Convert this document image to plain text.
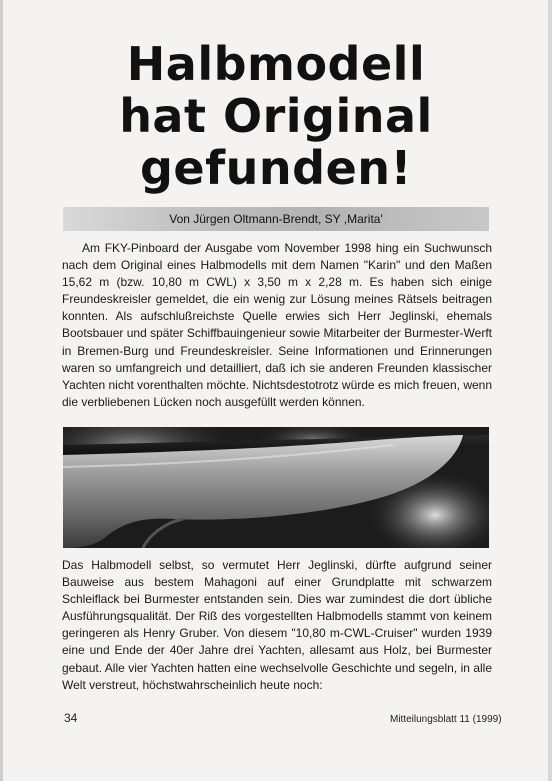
Halbmodell
hat Original
gefunden!
Von Jürgen Oltmann-Brendt, SY ,Marita'

Am FKY-Pinboard der Ausgabe vom November 1998 hing ein Suchwunsch nach dem Original eines Halbmodells mit dem Namen "Karin" und den Maßen 15,62 m (bzw. 10,80 m CWL) x 3,50 m x 2,28 m. Es haben sich einige Freundeskreisler gemeldet, die ein wenig zur Lösung meines Rätsels beitragen konnten. Als aufschlußreichste Quelle erwies sich Herr Jeglinski, ehemals Bootsbauer und später Schiffbauingenieur sowie Mitarbeiter der Burmester-Werft in Bremen-Burg und Freundeskreisler. Seine Informationen und Erinnerungen waren so umfangreich und detailliert, daß ich sie anderen Freunden klassischer Yachten nicht vorenthalten möchte. Nichtsdestotrotz würde es mich freuen, wenn die verbliebenen Lücken noch ausgefüllt werden können.

Das Halbmodell selbst, so vermutet Herr Jeglinski, dürfte aufgrund seiner Bauweise aus bestem Mahagoni auf einer Grundplatte mit schwarzem Schleiflack bei Burmester entstanden sein. Dies war zumindest die dort übliche Ausführungsqualität. Der Riß des vorgestellten Halbmodells stammt von keinem geringeren als Henry Gruber. Von diesem "10,80 m-CWL-Cruiser" wurden 1939 eine und Ende der 40er Jahre drei Yachten, allesamt aus Holz, bei Burmester gebaut. Alle vier Yachten hatten eine wechselvolle Geschichte und segeln, in alle Welt verstreut, höchstwahrscheinlich heute noch:

34	Mitteilungsblatt 11 (1999)
